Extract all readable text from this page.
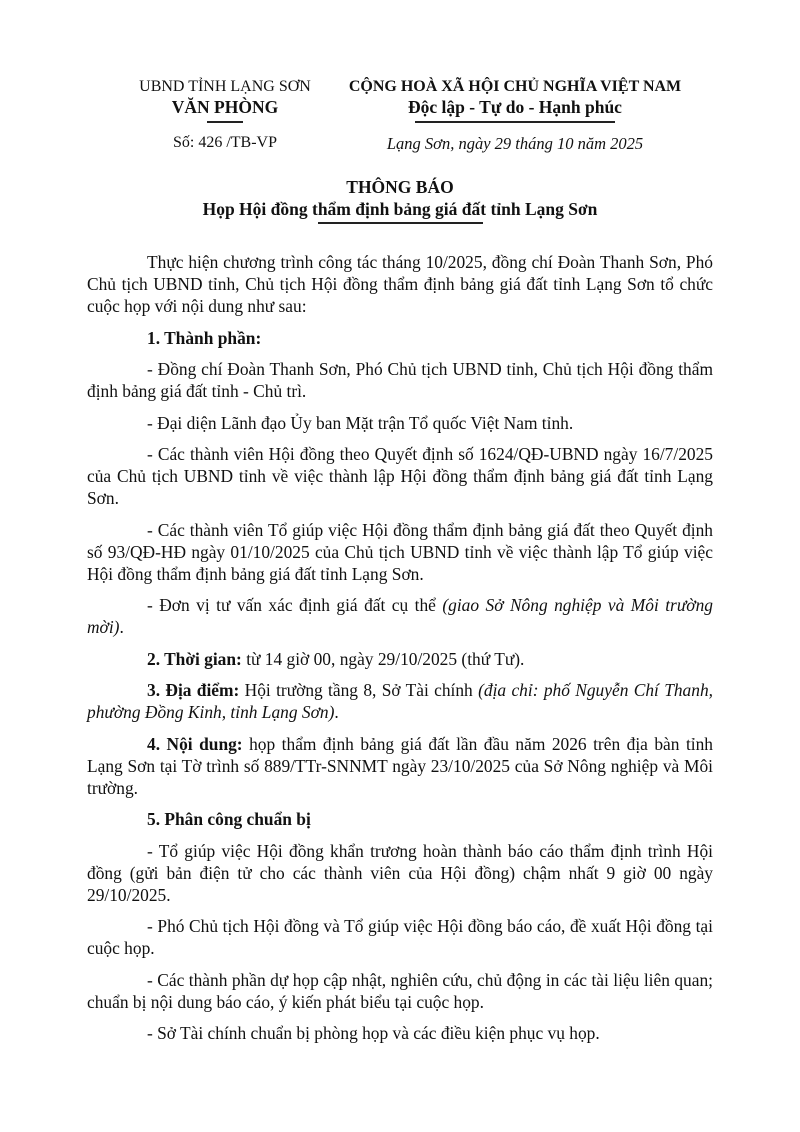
UBND TỈNH LẠNG SƠN
VĂN PHÒNG
CỘNG HOÀ XÃ HỘI CHỦ NGHĨA VIỆT NAM
Độc lập - Tự do - Hạnh phúc
Số: 426 /TB-VP	Lạng Sơn, ngày 29 tháng 10 năm 2025
THÔNG BÁO
Họp Hội đồng thẩm định bảng giá đất tỉnh Lạng Sơn

Thực hiện chương trình công tác tháng 10/2025, đồng chí Đoàn Thanh Sơn, Phó Chủ tịch UBND tỉnh, Chủ tịch Hội đồng thẩm định bảng giá đất tỉnh Lạng Sơn tổ chức cuộc họp với nội dung như sau:

1. Thành phần:

- Đồng chí Đoàn Thanh Sơn, Phó Chủ tịch UBND tỉnh, Chủ tịch Hội đồng thẩm định bảng giá đất tỉnh - Chủ trì.

- Đại diện Lãnh đạo Ủy ban Mặt trận Tổ quốc Việt Nam tỉnh.

- Các thành viên Hội đồng theo Quyết định số 1624/QĐ-UBND ngày 16/7/2025 của Chủ tịch UBND tỉnh về việc thành lập Hội đồng thẩm định bảng giá đất tỉnh Lạng Sơn.

- Các thành viên Tổ giúp việc Hội đồng thẩm định bảng giá đất theo Quyết định số 93/QĐ-HĐ ngày 01/10/2025 của Chủ tịch UBND tỉnh về việc thành lập Tổ giúp việc Hội đồng thẩm định bảng giá đất tỉnh Lạng Sơn.

- Đơn vị tư vấn xác định giá đất cụ thể (giao Sở Nông nghiệp và Môi trường mời).

2. Thời gian: từ 14 giờ 00, ngày 29/10/2025 (thứ Tư).

3. Địa điểm: Hội trường tầng 8, Sở Tài chính (địa chỉ: phố Nguyễn Chí Thanh, phường Đồng Kinh, tỉnh Lạng Sơn).

4. Nội dung: họp thẩm định bảng giá đất lần đầu năm 2026 trên địa bàn tỉnh Lạng Sơn tại Tờ trình số 889/TTr-SNNMT ngày 23/10/2025 của Sở Nông nghiệp và Môi trường.

5. Phân công chuẩn bị

- Tổ giúp việc Hội đồng khẩn trương hoàn thành báo cáo thẩm định trình Hội đồng (gửi bản điện tử cho các thành viên của Hội đồng) chậm nhất 9 giờ 00 ngày 29/10/2025.

- Phó Chủ tịch Hội đồng và Tổ giúp việc Hội đồng báo cáo, đề xuất Hội đồng tại cuộc họp.

- Các thành phần dự họp cập nhật, nghiên cứu, chủ động in các tài liệu liên quan; chuẩn bị nội dung báo cáo, ý kiến phát biểu tại cuộc họp.

- Sở Tài chính chuẩn bị phòng họp và các điều kiện phục vụ họp.
